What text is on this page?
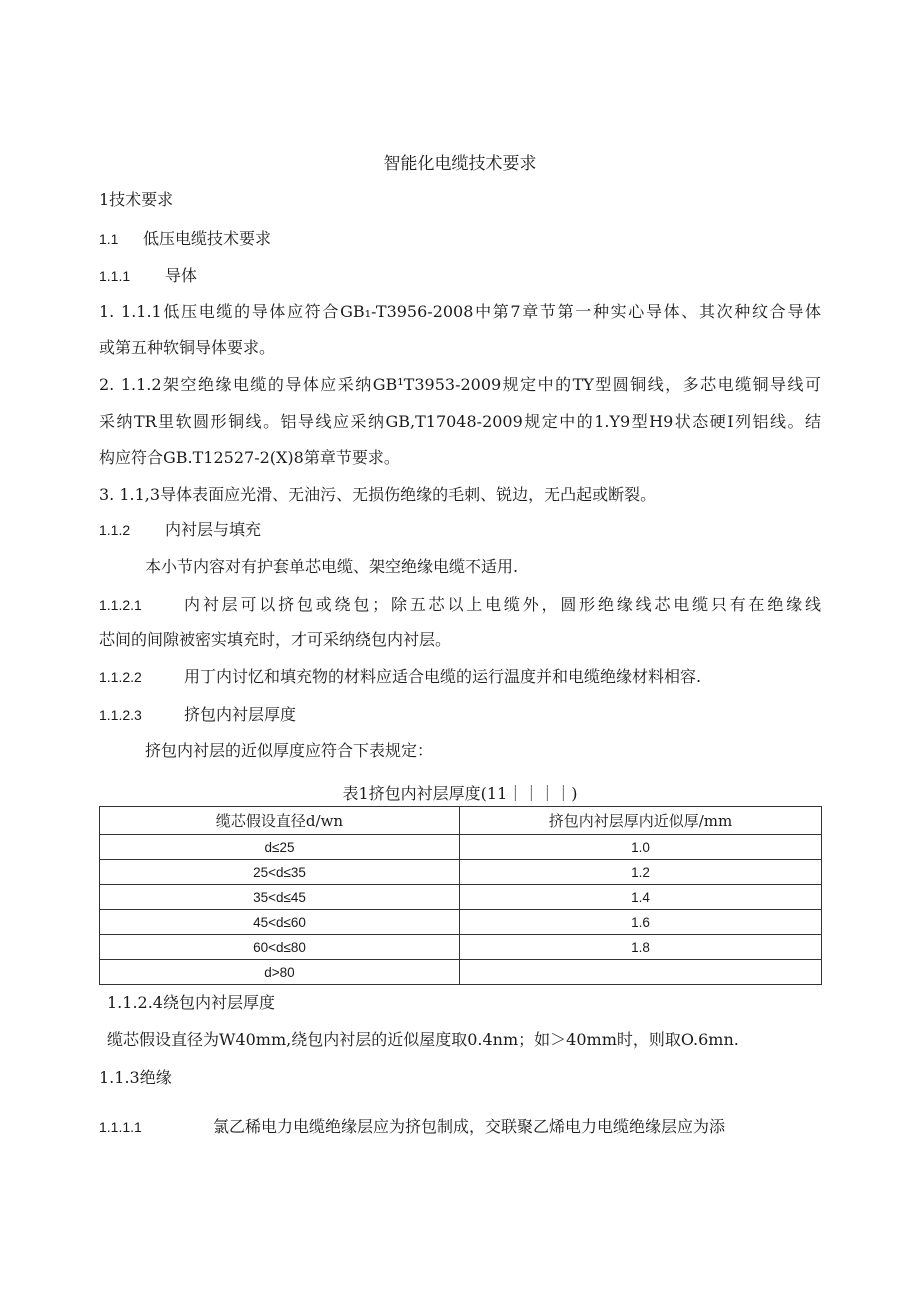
智能化电缆技术要求
1技术要求
1.1 低压电缆技术要求
1.1.1 导体
1. 1.1.1低压电缆的导体应符合GB₁-T3956-2008中第7章节第一种实心导体、其次种纹合导体
或第五种软铜导体要求。
2. 1.1.2架空绝缘电缆的导体应采纳GB¹T3953-2009规定中的TY型圆铜线，多芯电缆铜导线可
采纳TR里软圆形铜线。铝导线应采纳GB,T17048-2009规定中的1.Y9型H9状态硬I列铝线。结
构应符合GB.T12527-2(X)8第章节要求。
3. 1.1,3导体表面应光滑、无油污、无损伤绝缘的毛刺、锐边，无凸起或断裂。
1.1.2 内衬层与填充
本小节内容对有护套单芯电缆、架空绝缘电缆不适用.
1.1.2.1	内衬层可以挤包或绕包；除五芯以上电缆外，圆形绝缘线芯电缆只有在绝缘线
芯间的间隙被密实填充时，才可采纳绕包内衬层。
1.1.2.2	用丁内讨忆和填充物的材料应适合电缆的运行温度并和电缆绝缘材料相容.
1.1.2.3	挤包内衬层厚度
挤包内衬层的近似厚度应符合下表规定：
表1挤包内衬层厚度(11｜｜｜｜)
缆芯假设直径d/wn	挤包内衬层厚内近似厚/mm
d≤25	1.0
25<d≤35	1.2
35<d≤45	1.4
45<d≤60	1.6
60<d≤80	1.8
d>80	
1.1.2.4绕包内衬层厚度
缆芯假设直径为W40mm,绕包内衬层的近似屋度取0.4nm；如＞40mm时，则取O.6mn.
1.1.3绝缘
1.1.1.1	氯乙稀电力电缆绝缘层应为挤包制成，交联聚乙烯电力电缆绝缘层应为添
